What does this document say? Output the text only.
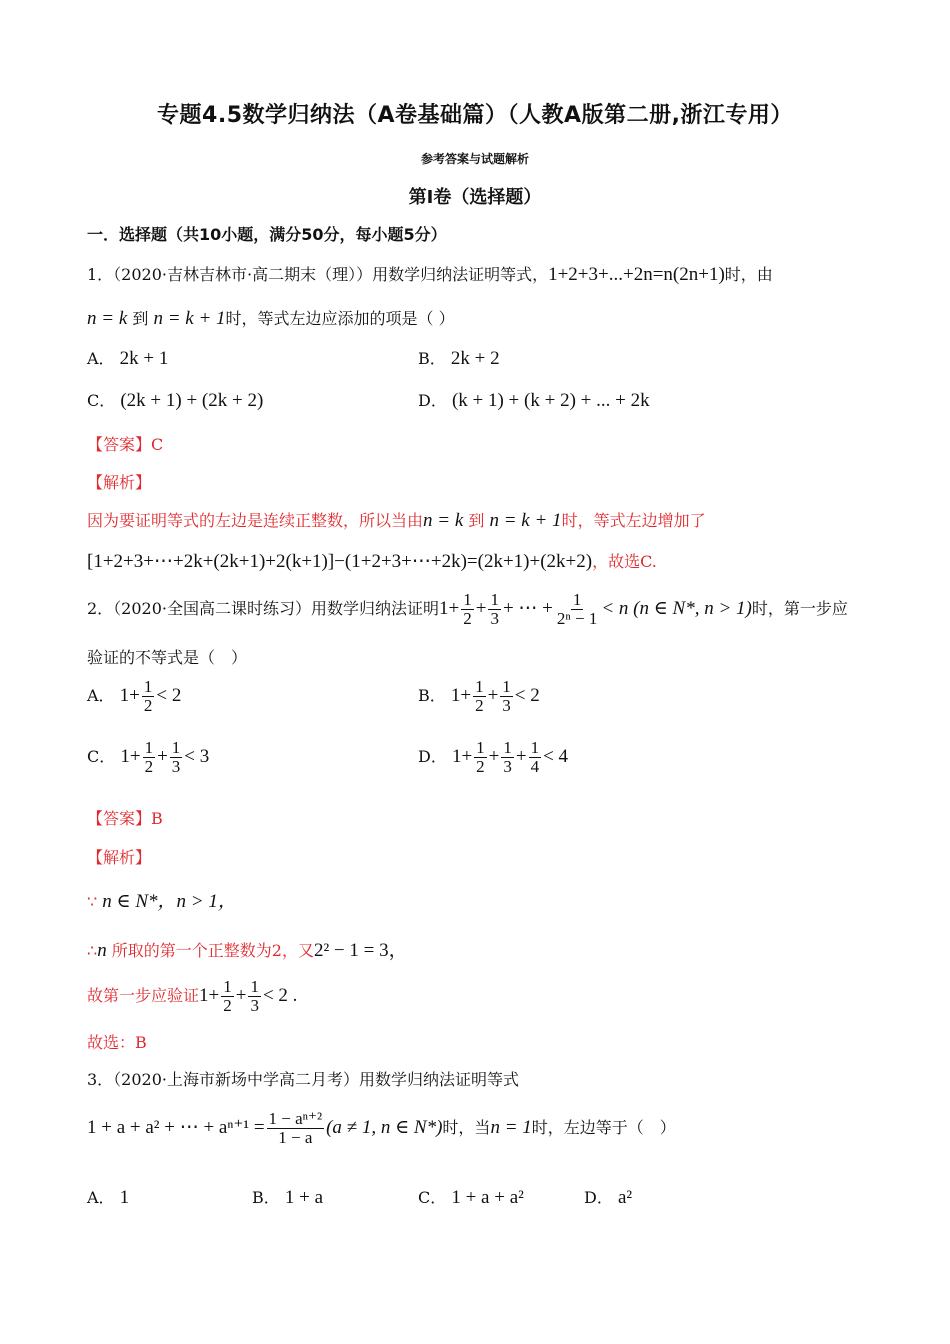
专题4.5数学归纳法（A卷基础篇）（人教A版第二册,浙江专用）
参考答案与试题解析
第Ⅰ卷（选择题）
一．选择题（共10小题，满分50分，每小题5分）
1．（2020·吉林吉林市·高二期末（理））用数学归纳法证明等式，1+2+3+...+2n=n(2n+1)时，由
n = k 到 n = k + 1时，等式左边应添加的项是（ ）
A． 2k + 1	B． 2k + 2
C． (2k + 1) + (2k + 2)	D． (k + 1) + (k + 2) + ... + 2k
【答案】C
【解析】
因为要证明等式的左边是连续正整数，所以当由n = k 到 n = k + 1时，等式左边增加了
[1+2+3+⋯+2k+(2k+1)+2(k+1)]−(1+2+3+⋯+2k)=(2k+1)+(2k+2)，故选C.
2．（2020·全国高二课时练习）用数学归纳法证明$1+ \frac{1}{2} + \frac{1}{3}$ + ⋯ + $\frac{1}{\text{2ⁿ − 1}} < n$ (n ∈ N*, n > 1)时，第一步应
验证的不等式是（　）
A． $1+ \frac{1}{2} < 2$	B． $1+ \frac{1}{2} + \frac{1}{3} < 2$
C． $1+ \frac{1}{2} + \frac{1}{3} < 3$	D． $1+ \frac{1}{2} + \frac{1}{3} + \frac{1}{4} < 4$
【答案】B
【解析】
∵ n ∈ N*，n > 1，
∴n 所取的第一个正整数为2，又2² − 1 = 3，
故第一步应验证$1+ \frac{1}{2} + \frac{1}{3} < 2$ .
故选：B
3．（2020·上海市新场中学高二月考）用数学归纳法证明等式
1 + a + a² + ⋯ + $a^{n+1} = \frac{\text{1 − aⁿ⁺²}}{1 - a} (a \ne 1$, n ∈ N*)时，当n = 1时，左边等于（　）
A． 1	B． 1 + a	C． 1 + a + a²	D． a²
